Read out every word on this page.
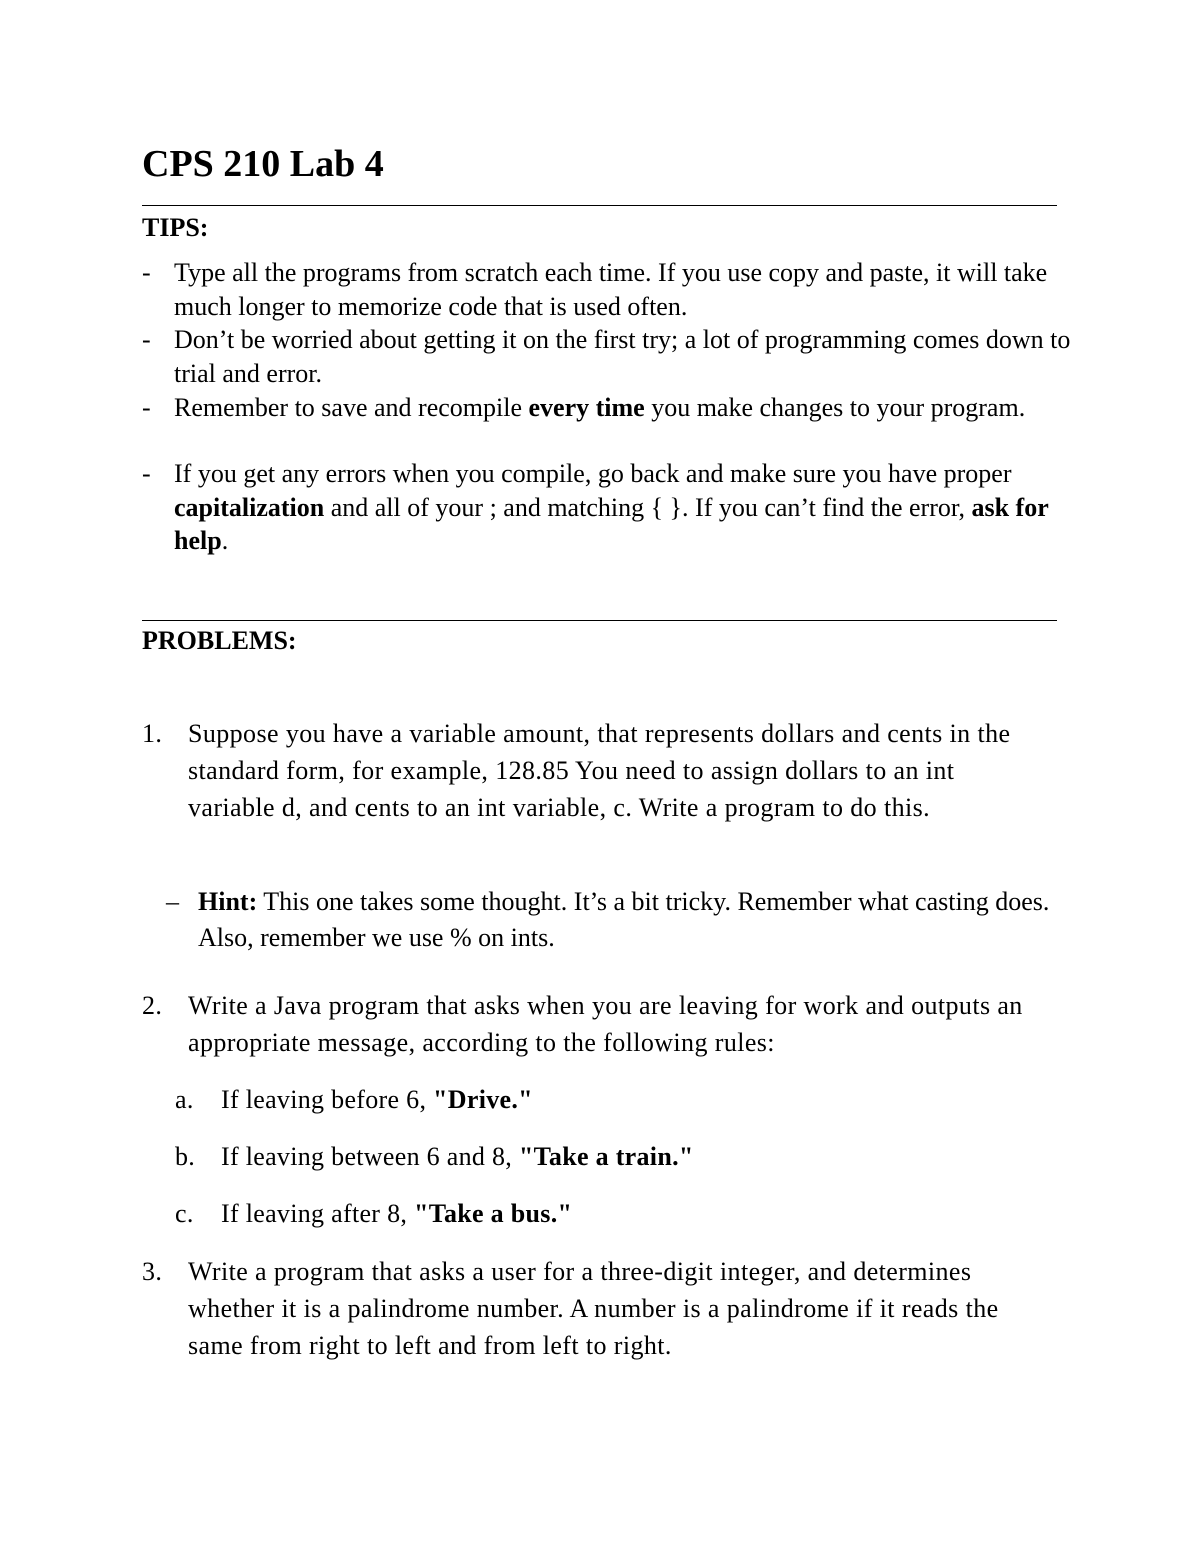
CPS 210 Lab 4
TIPS:
- Type all the programs from scratch each time. If you use copy and paste, it will take much longer to memorize code that is used often.
- Don’t be worried about getting it on the first try; a lot of programming comes down to trial and error.
- Remember to save and recompile every time you make changes to your program.
- If you get any errors when you compile, go back and make sure you have proper capitalization and all of your ; and matching { }. If you can’t find the error, ask for help.
PROBLEMS:
1. Suppose you have a variable amount, that represents dollars and cents in the standard form, for example, 128.85 You need to assign dollars to an int variable d, and cents to an int variable, c. Write a program to do this.
– Hint: This one takes some thought. It’s a bit tricky. Remember what casting does. Also, remember we use % on ints.
2. Write a Java program that asks when you are leaving for work and outputs an appropriate message, according to the following rules:
a. If leaving before 6, "Drive."
b. If leaving between 6 and 8, "Take a train."
c. If leaving after 8, "Take a bus."
3. Write a program that asks a user for a three-digit integer, and determines whether it is a palindrome number. A number is a palindrome if it reads the same from right to left and from left to right.
